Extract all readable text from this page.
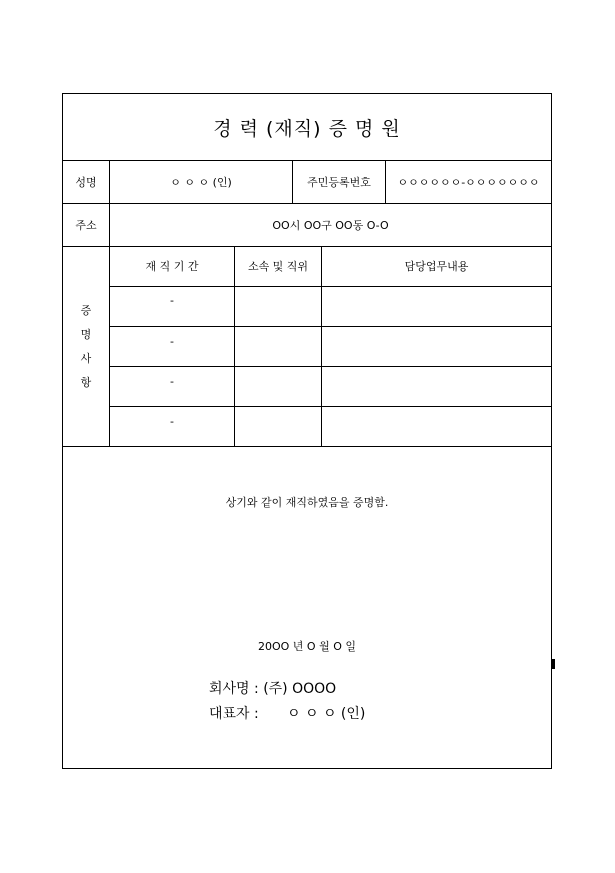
경 력 (재직) 증 명 원
성명	ㅇ ㅇ ㅇ (인)	주민등록번호	ㅇㅇㅇㅇㅇㅇ-ㅇㅇㅇㅇㅇㅇㅇ
주소	OO시 OO구 OO동 O-O
증
명
사
항
재 직 기 간	소속 및 직위	담당업무내용
-
-
-
-
상기와 같이 재직하였음을 증명함.
20OO 년 O 월 O 일
회사명 : (주) OOOO
대표자 : ㅇ ㅇ ㅇ (인)
